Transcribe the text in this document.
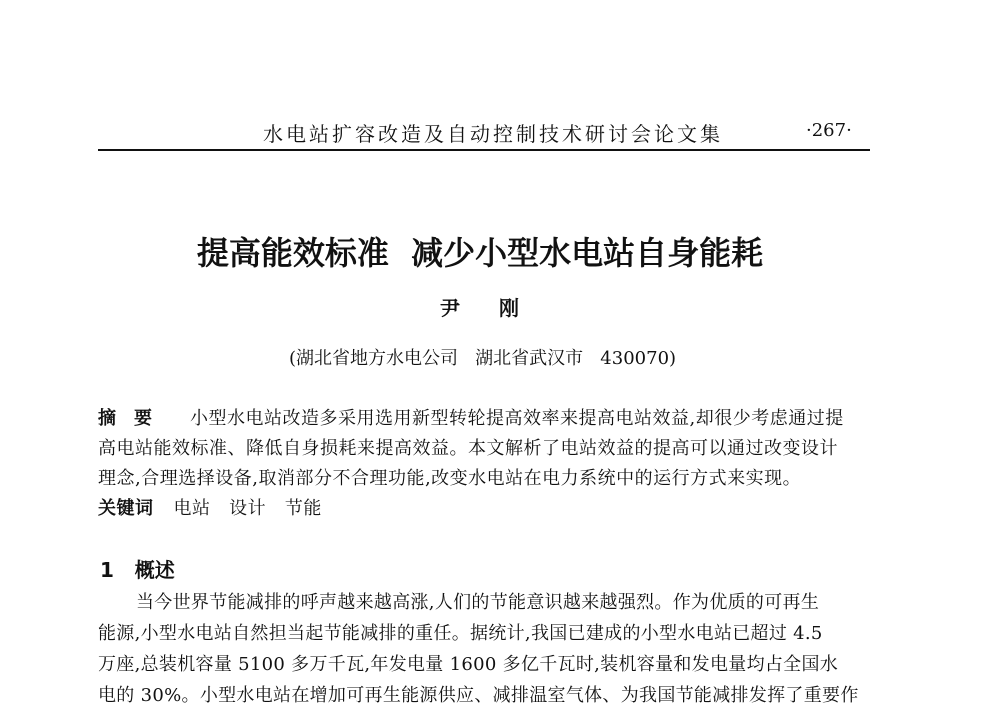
水电站扩容改造及自动控制技术研讨会论文集	·267·
提高能效标准  减少小型水电站自身能耗
尹 刚
(湖北省地方水电公司   湖北省武汉市   430070)
摘要 小型水电站改造多采用选用新型转轮提高效率来提高电站效益,却很少考虑通过提
高电站能效标准、降低自身损耗来提高效益。本文解析了电站效益的提高可以通过改变设计
理念,合理选择设备,取消部分不合理功能,改变水电站在电力系统中的运行方式来实现。
关键词 电站   设计   节能
1   概述
当今世界节能减排的呼声越来越高涨,人们的节能意识越来越强烈。作为优质的可再生
能源,小型水电站自然担当起节能减排的重任。据统计,我国已建成的小型水电站已超过 4.5
万座,总装机容量 5100 多万千瓦,年发电量 1600 多亿千瓦时,装机容量和发电量均占全国水
电的 30%。小型水电站在增加可再生能源供应、减排温室气体、为我国节能减排发挥了重要作
